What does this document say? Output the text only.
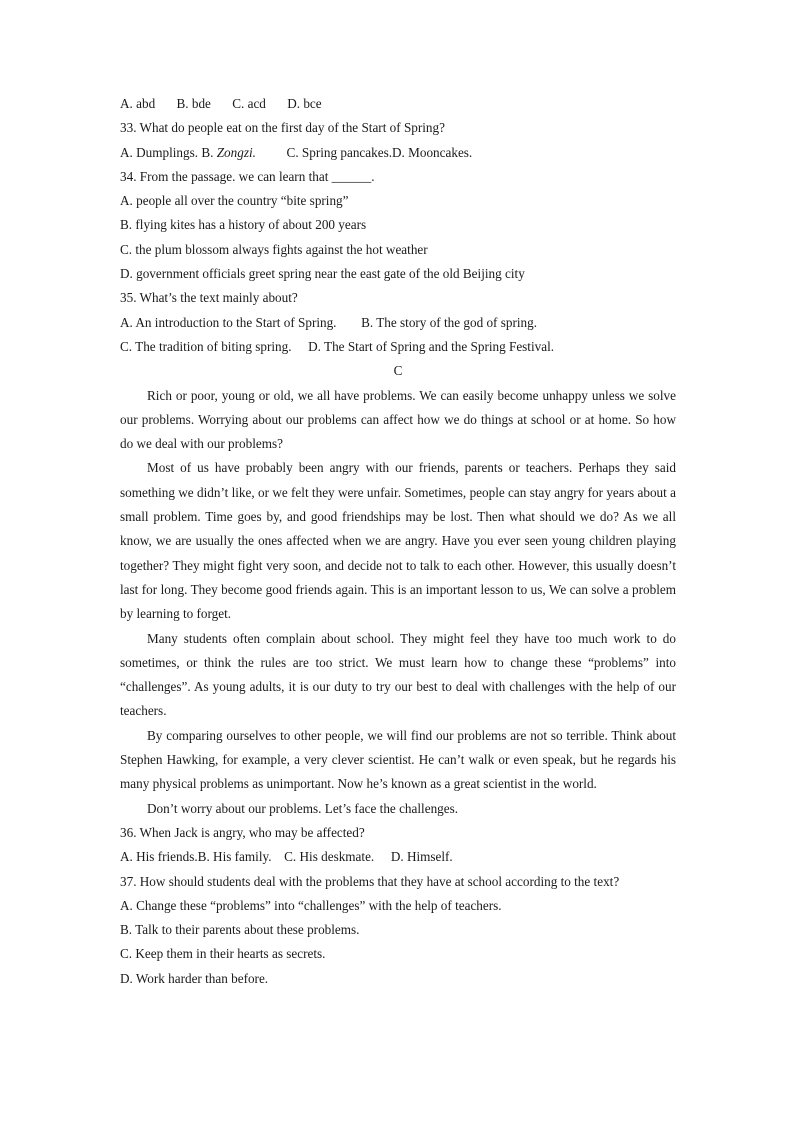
A. abd B. bde C. acd D. bce
33. What do people eat on the first day of the Start of Spring?
A. Dumplings. B. Zongzi. C. Spring pancakes.D. Mooncakes.
34. From the passage. we can learn that ______.
A. people all over the country “bite spring”
B. flying kites has a history of about 200 years
C. the plum blossom always fights against the hot weather
D. government officials greet spring near the east gate of the old Beijing city
35. What’s the text mainly about?
A. An introduction to the Start of Spring. B. The story of the god of spring.
C. The tradition of biting spring. D. The Start of Spring and the Spring Festival.
C

Rich or poor, young or old, we all have problems. We can easily become unhappy unless we solve our problems. Worrying about our problems can affect how we do things at school or at home. So how do we deal with our problems?

Most of us have probably been angry with our friends, parents or teachers. Perhaps they said something we didn’t like, or we felt they were unfair. Sometimes, people can stay angry for years about a small problem. Time goes by, and good friendships may be lost. Then what should we do? As we all know, we are usually the ones affected when we are angry. Have you ever seen young children playing together? They might fight very soon, and decide not to talk to each other. However, this usually doesn’t last for long. They become good friends again. This is an important lesson to us, We can solve a problem by learning to forget.

Many students often complain about school. They might feel they have too much work to do sometimes, or think the rules are too strict. We must learn how to change these “problems” into “challenges”. As young adults, it is our duty to try our best to deal with challenges with the help of our teachers.

By comparing ourselves to other people, we will find our problems are not so terrible. Think about Stephen Hawking, for example, a very clever scientist. He can’t walk or even speak, but he regards his many physical problems as unimportant. Now he’s known as a great scientist in the world.

Don’t worry about our problems. Let’s face the challenges.

36. When Jack is angry, who may be affected?
A. His friends.B. His family. C. His deskmate. D. Himself.
37. How should students deal with the problems that they have at school according to the text?
A. Change these “problems” into “challenges” with the help of teachers.
B. Talk to their parents about these problems.
C. Keep them in their hearts as secrets.
D. Work harder than before.
